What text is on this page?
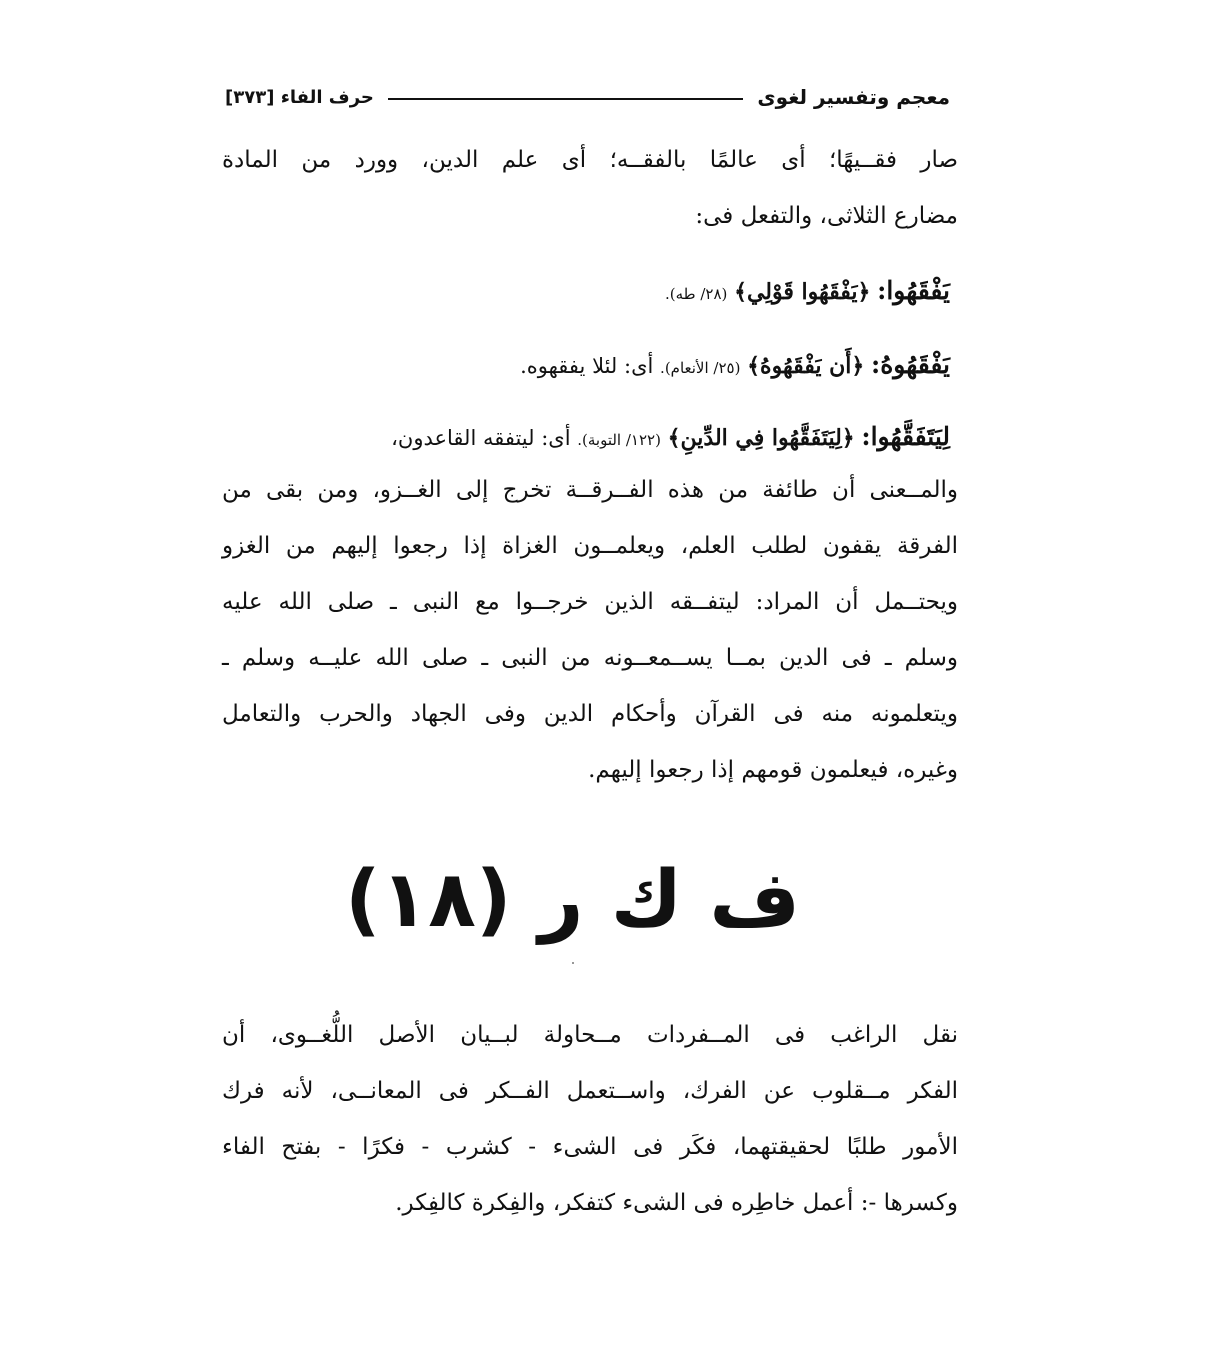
معجم وتفسير لغوى
حرف الفاء [٣٧٣]
صار فقــيهًا؛ أى عالمًا بالفقــه؛ أى علم الدين، وورد من المادة
مضارع الثلاثى، والتفعل فى:
يَفْقَهُوا: ﴿يَفْقَهُوا قَوْلِي﴾ (٢٨/ طه).
يَفْقَهُوهُ: ﴿أَن يَفْقَهُوهُ﴾ (٢٥/ الأنعام). أى: لئلا يفقهوه.
لِيَتَفَقَّهُوا: ﴿لِيَتَفَقَّهُوا فِي الدِّينِ﴾ (١٢٢/ التوبة). أى: ليتفقه القاعدون،
والمــعنى أن طائفة من هذه الفــرقــة تخرج إلى الغــزو، ومن بقى من
الفرقة يقفون لطلب العلم، ويعلمــون الغزاة إذا رجعوا إليهم من الغزو
ويحتــمل أن المراد: ليتفــقه الذين خرجــوا مع النبى ـ صلى الله عليه
وسلم ـ فى الدين بمــا يســمعــونه من النبى ـ صلى الله عليــه وسلم ـ
ويتعلمونه منه فى القرآن وأحكام الدين وفى الجهاد والحرب والتعامل
وغيره، فيعلمون قومهم إذا رجعوا إليهم.
ف ك ر (١٨)
نقل الراغب فى المــفردات مــحاولة لبــيان الأصل اللُّغــوى، أن
الفكر مــقلوب عن الفرك، واســتعمل الفــكر فى المعانــى، لأنه فرك
الأمور طلبًا لحقيقتهما، فكَر فى الشىء - كشرب - فكرًا - بفتح الفاء
وكسرها -: أعمل خاطِره فى الشىء كتفكر، والفِكرة كالفِكر.
